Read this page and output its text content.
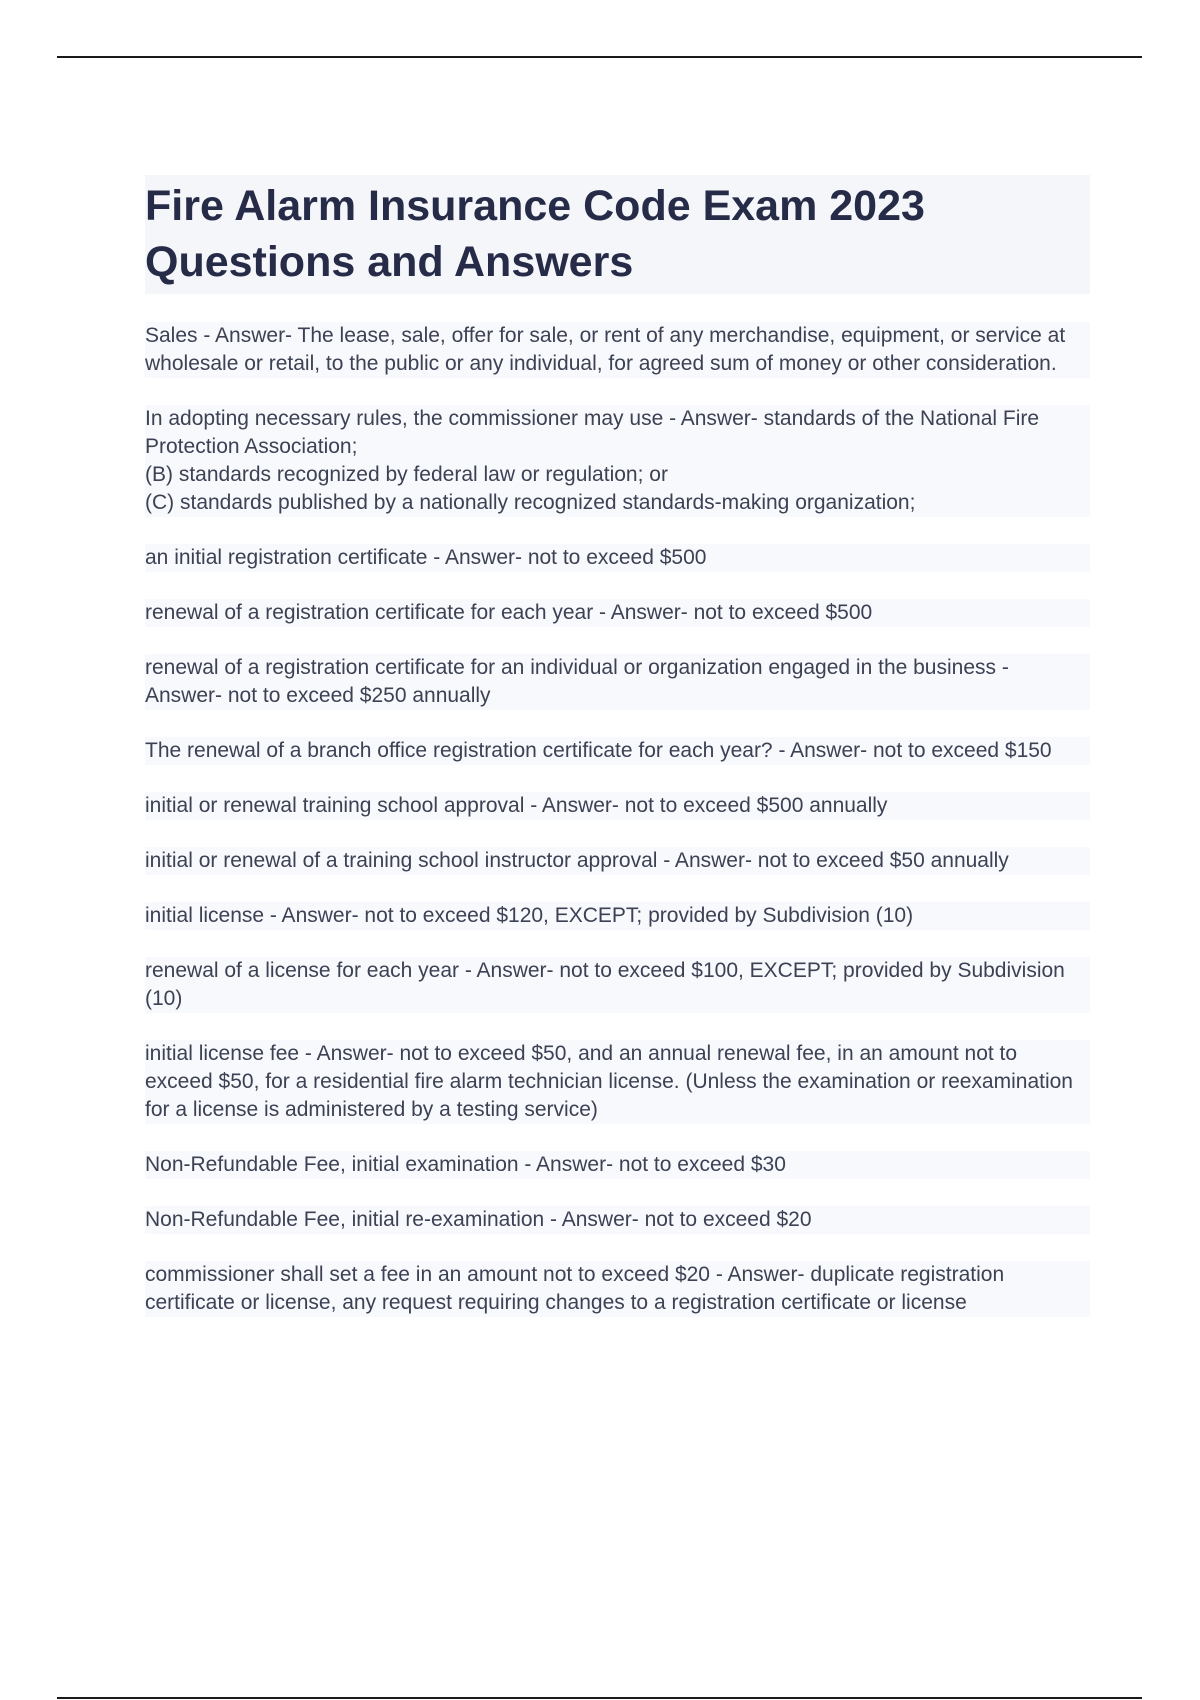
Fire Alarm Insurance Code Exam 2023 Questions and Answers
Sales - Answer- The lease, sale, offer for sale, or rent of any merchandise, equipment, or service at wholesale or retail, to the public or any individual, for agreed sum of money or other consideration.
In adopting necessary rules, the commissioner may use - Answer- standards of the National Fire Protection Association;
(B) standards recognized by federal law or regulation; or
(C) standards published by a nationally recognized standards-making organization;
an initial registration certificate - Answer- not to exceed $500
renewal of a registration certificate for each year - Answer- not to exceed $500
renewal of a registration certificate for an individual or organization engaged in the business - Answer- not to exceed $250 annually
The renewal of a branch office registration certificate for each year? - Answer- not to exceed $150
initial or renewal training school approval - Answer- not to exceed $500 annually
initial or renewal of a training school instructor approval - Answer- not to exceed $50 annually
initial license - Answer- not to exceed $120, EXCEPT; provided by Subdivision (10)
renewal of a license for each year - Answer- not to exceed $100, EXCEPT; provided by Subdivision (10)
initial license fee - Answer- not to exceed $50, and an annual renewal fee, in an amount not to exceed $50, for a residential fire alarm technician license. (Unless the examination or reexamination for a license is administered by a testing service)
Non-Refundable Fee, initial examination - Answer- not to exceed $30
Non-Refundable Fee, initial re-examination - Answer- not to exceed $20
commissioner shall set a fee in an amount not to exceed $20 - Answer- duplicate registration certificate or license, any request requiring changes to a registration certificate or license
